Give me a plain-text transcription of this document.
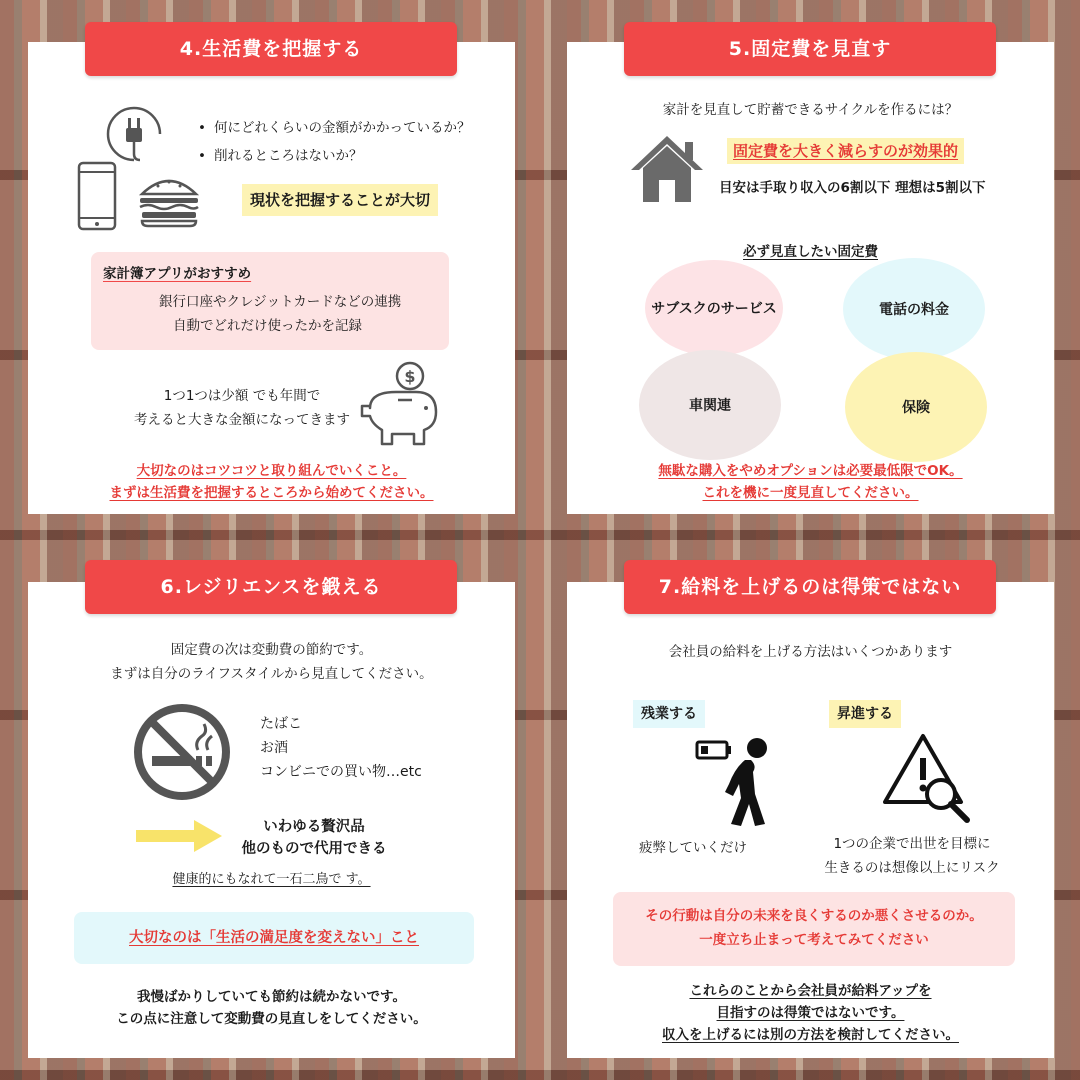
4.生活費を把握する
• 何にどれくらいの金額がかかっているか？
• 削れるところはないか？
現状を把握することが大切
家計簿アプリがおすすめ
銀行口座やクレジットカードなどの連携
自動でどれだけ使ったかを記録
1つ1つは少額 でも年間で
考えると大きな金額になってきます
$
大切なのはコツコツと取り組んでいくこと。
まずは生活費を把握するところから始めてください。
5.固定費を見直す
家計を見直して貯蓄できるサイクルを作るには？
固定費を大きく減らすのが効果的
目安は手取り収入の6割以下 理想は5割以下
必ず見直したい固定費
サブスクのサービス	電話の料金
車関連	保険
無駄な購入をやめオプションは必要最低限でOK。
これを機に一度見直してください。
6.レジリエンスを鍛える
固定費の次は変動費の節約です。
まずは自分のライフスタイルから見直してください。
たばこ
お酒
コンビニでの買い物…etc
いわゆる贅沢品
他のもので代用できる
健康的にもなれて一石二鳥で す。
大切なのは「生活の満足度を変えない」こと
我慢ばかりしていても節約は続かないです。
この点に注意して変動費の見直しをしてください。
7.給料を上げるのは得策ではない
会社員の給料を上げる方法はいくつかあります
残業する	昇進する
疲弊していくだけ	1つの企業で出世を目標に
生きるのは想像以上にリスク
その行動は自分の未来を良くするのか悪くさせるのか。
一度立ち止まって考えてみてください
これらのことから会社員が給料アップを
目指すのは得策ではないです。
収入を上げるには別の方法を検討してください。
